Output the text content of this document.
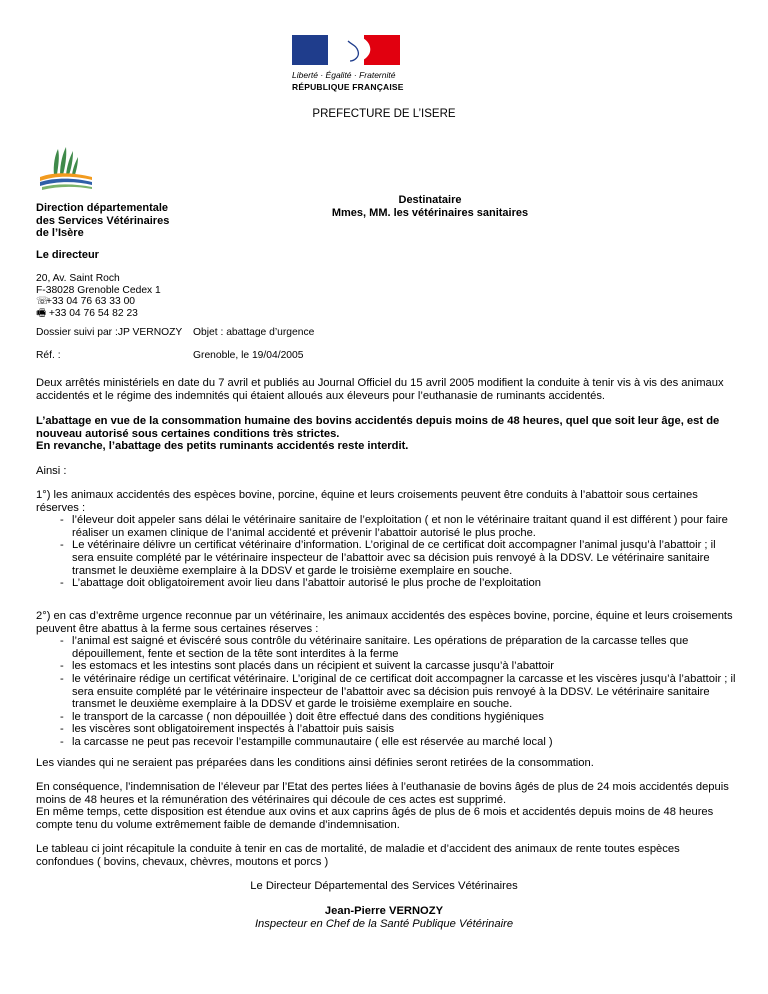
Liberté · Égalité · Fraternité
RÉPUBLIQUE FRANÇAISE
PREFECTURE DE L’ISERE
Direction départementale
des Services Vétérinaires
de l’Isère
Destinataire
Mmes, MM. les vétérinaires sanitaires
Le directeur
20, Av. Saint Roch
F-38028 Grenoble Cedex 1
☏+33 04 76 63 33 00
🖷 +33 04 76 54 82 23
Dossier suivi par :JP VERNOZY Objet : abattage d’urgence
Réf. :	Grenoble, le 19/04/2005
Deux arrêtés ministériels en date du 7 avril et publiés au Journal Officiel du 15 avril 2005 modifient la conduite à tenir vis à vis des animaux accidentés et le régime des indemnités qui étaient alloués aux éleveurs pour l’euthanasie de ruminants accidentés.
L’abattage en vue de la consommation humaine des bovins accidentés depuis moins de 48 heures, quel que soit leur âge, est de nouveau autorisé sous certaines conditions très strictes.
En revanche, l’abattage des petits ruminants accidentés reste interdit.
Ainsi :
1°) les animaux accidentés des espèces bovine, porcine, équine et leurs croisements peuvent être conduits à l’abattoir sous certaines réserves :
- l’éleveur doit appeler sans délai le vétérinaire sanitaire de l’exploitation ( et non le vétérinaire traitant quand il est différent ) pour faire réaliser un examen clinique de l’animal accidenté et prévenir l’abattoir autorisé le plus proche.
- Le vétérinaire délivre un certificat vétérinaire d’information. L’original de ce certificat doit accompagner l’animal jusqu’à l’abattoir ; il sera ensuite complété par le vétérinaire inspecteur de l’abattoir avec sa décision puis renvoyé à la DDSV. Le vétérinaire sanitaire transmet le deuxième exemplaire à la DDSV et garde le troisième exemplaire en souche.
- L’abattage doit obligatoirement avoir lieu dans l’abattoir autorisé le plus proche de l’exploitation
2°) en cas d’extrême urgence reconnue par un vétérinaire, les animaux accidentés des espèces bovine, porcine, équine et leurs croisements peuvent être abattus à la ferme sous certaines réserves :
- l’animal est saigné et éviscéré sous contrôle du vétérinaire sanitaire. Les opérations de préparation de la carcasse telles que dépouillement, fente et section de la tête sont interdites à la ferme
- les estomacs et les intestins sont placés dans un récipient et suivent la carcasse jusqu’à l’abattoir
- le vétérinaire rédige un certificat vétérinaire. L’original de ce certificat doit accompagner la carcasse et les viscères jusqu’à l’abattoir ; il sera ensuite complété par le vétérinaire inspecteur de l’abattoir avec sa décision puis renvoyé à la DDSV. Le vétérinaire sanitaire transmet le deuxième exemplaire à la DDSV et garde le troisième exemplaire en souche.
- le transport de la carcasse ( non dépouillée ) doit être effectué dans des conditions hygiéniques
- les viscères sont obligatoirement inspectés à l’abattoir puis saisis
- la carcasse ne peut pas recevoir l’estampille communautaire ( elle est réservée au marché local )
Les viandes qui ne seraient pas préparées dans les conditions ainsi définies seront retirées de la consommation.
En conséquence, l’indemnisation de l’éleveur par l’Etat des pertes liées à l’euthanasie de bovins âgés de plus de 24 mois accidentés depuis moins de 48 heures et la rémunération des vétérinaires qui découle de ces actes est supprimé.
En même temps, cette disposition est étendue aux ovins et aux caprins âgés de plus de 6 mois et accidentés depuis moins de 48 heures compte tenu du volume extrêmement faible de demande d’indemnisation.
Le tableau ci joint récapitule la conduite à tenir en cas de mortalité, de maladie et d’accident des animaux de rente toutes espèces confondues ( bovins, chevaux, chèvres, moutons et porcs )
Le Directeur Départemental des Services Vétérinaires
Jean-Pierre VERNOZY
Inspecteur en Chef de la Santé Publique Vétérinaire
